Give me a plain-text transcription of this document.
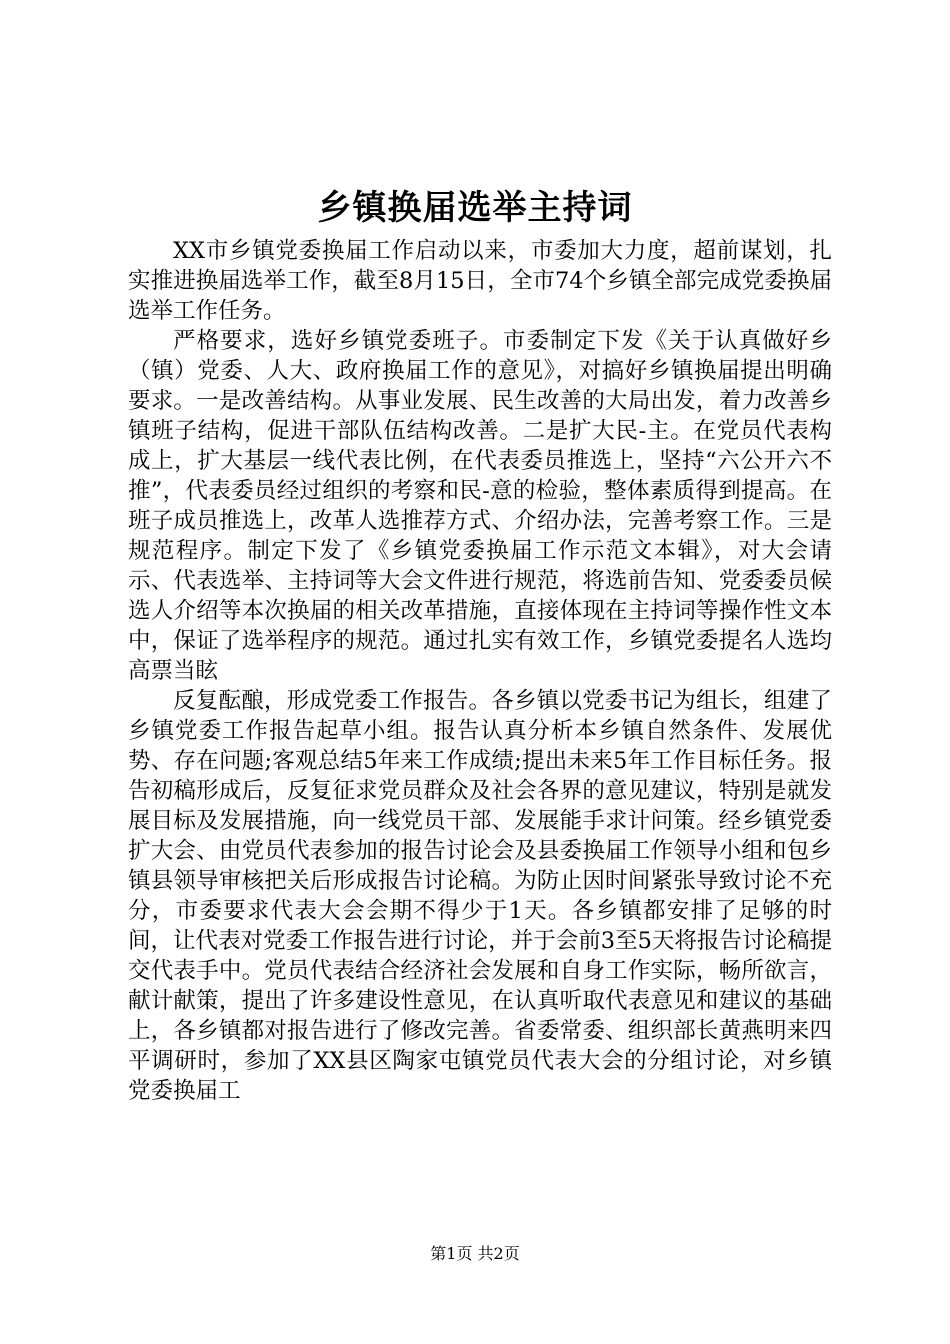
乡镇换届选举主持词

XX市乡镇党委换届工作启动以来，市委加大力度，超前谋划，扎实推进换届选举工作，截至8月15日，全市74个乡镇全部完成党委换届选举工作任务。

严格要求，选好乡镇党委班子。市委制定下发《关于认真做好乡（镇）党委、人大、政府换届工作的意见》，对搞好乡镇换届提出明确要求。一是改善结构。从事业发展、民生改善的大局出发，着力改善乡镇班子结构，促进干部队伍结构改善。二是扩大民-主。在党员代表构成上，扩大基层一线代表比例，在代表委员推选上，坚持“六公开六不推”，代表委员经过组织的考察和民-意的检验，整体素质得到提高。在班子成员推选上，改革人选推荐方式、介绍办法，完善考察工作。三是规范程序。制定下发了《乡镇党委换届工作示范文本辑》，对大会请示、代表选举、主持词等大会文件进行规范，将选前告知、党委委员候选人介绍等本次换届的相关改革措施，直接体现在主持词等操作性文本中，保证了选举程序的规范。通过扎实有效工作，乡镇党委提名人选均高票当眩

反复酝酿，形成党委工作报告。各乡镇以党委书记为组长，组建了乡镇党委工作报告起草小组。报告认真分析本乡镇自然条件、发展优势、存在问题;客观总结5年来工作成绩;提出未来5年工作目标任务。报告初稿形成后，反复征求党员群众及社会各界的意见建议，特别是就发展目标及发展措施，向一线党员干部、发展能手求计问策。经乡镇党委扩大会、由党员代表参加的报告讨论会及县委换届工作领导小组和包乡镇县领导审核把关后形成报告讨论稿。为防止因时间紧张导致讨论不充分，市委要求代表大会会期不得少于1天。各乡镇都安排了足够的时间，让代表对党委工作报告进行讨论，并于会前3至5天将报告讨论稿提交代表手中。党员代表结合经济社会发展和自身工作实际，畅所欲言，献计献策，提出了许多建设性意见，在认真听取代表意见和建议的基础上，各乡镇都对报告进行了修改完善。省委常委、组织部长黄燕明来四平调研时，参加了XX县区陶家屯镇党员代表大会的分组讨论，对乡镇党委换届工

第1页 共2页
